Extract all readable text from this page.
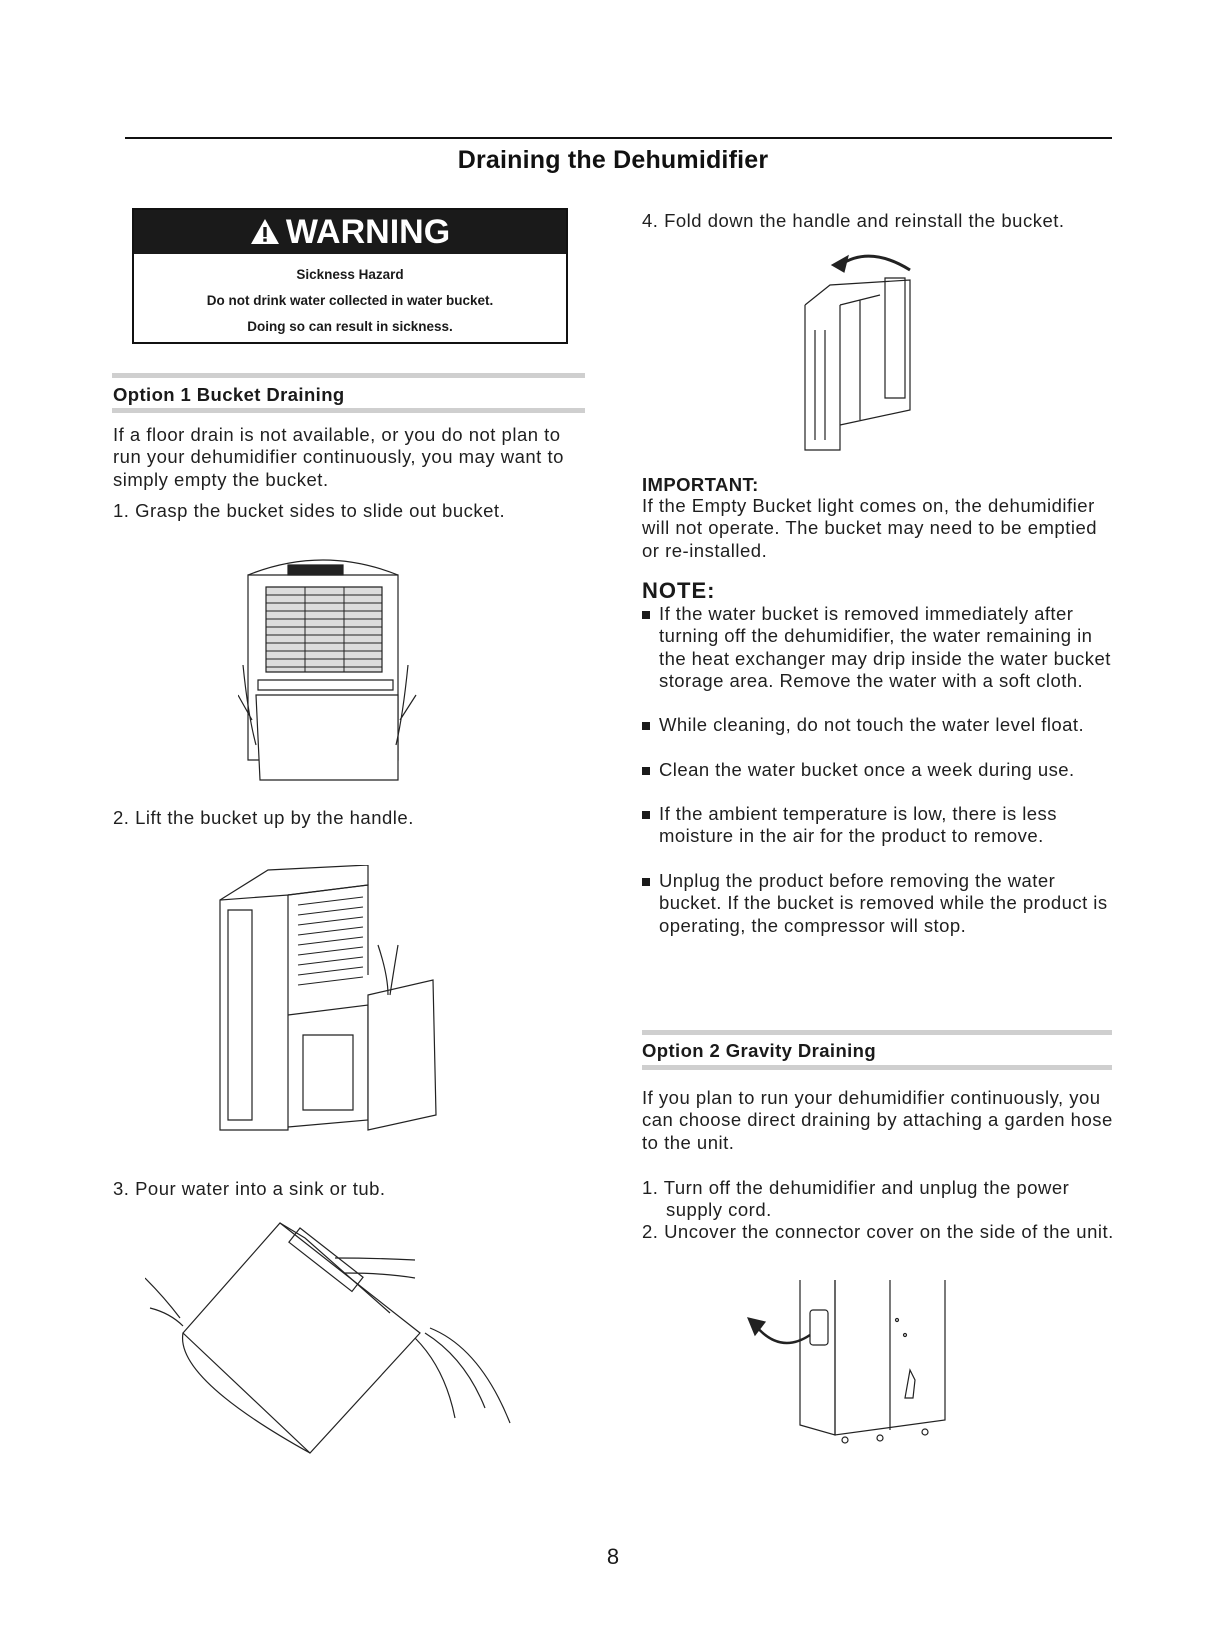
Draining the Dehumidifier
WARNING
Sickness Hazard
Do not drink water collected in water bucket.
Doing so can result in sickness.
Option 1 Bucket Draining
If a floor drain is not available, or you do not plan to run your dehumidifier continuously, you may want to simply empty the bucket.
1. Grasp the bucket sides to slide out bucket.
2. Lift the bucket up by the handle.
3. Pour water into a sink or tub.
4. Fold down the handle and reinstall the bucket.
IMPORTANT:
If the Empty Bucket light comes on, the dehumidifier will not operate. The bucket may need to be emptied or re-installed.
NOTE:
If the water bucket is removed immediately after turning off the dehumidifier, the water remaining in the heat exchanger may drip inside the water bucket storage area. Remove the water with a soft cloth.
While cleaning, do not touch the water level float.
Clean the water bucket once a week during use.
If the ambient temperature is low, there is less moisture in the air for the product to remove.
Unplug the product before removing the water bucket. If the bucket is removed while the product is operating, the compressor will stop.
Option 2 Gravity Draining
If you plan to run your dehumidifier continuously, you can choose direct draining by attaching a garden hose to the unit.
1. Turn off the dehumidifier and unplug the power supply cord.
2. Uncover the connector cover on the side of the unit.
8
